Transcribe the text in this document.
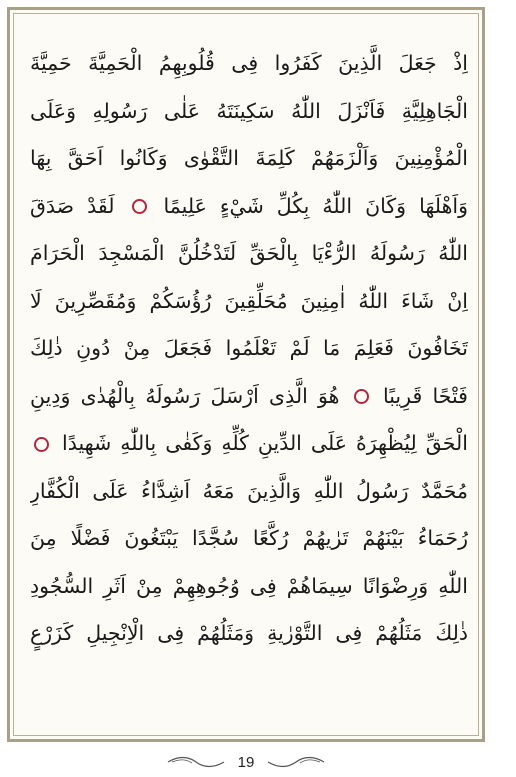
اِذْ جَعَلَ الَّذِينَ كَفَرُوا فِى قُلُوبِهِمُ الْحَمِيَّةَ حَمِيَّةَ
الْجَاهِلِيَّةِ فَاَنْزَلَ اللّٰهُ سَكِينَتَهُ عَلٰى رَسُولِهِ وَعَلَى
الْمُؤْمِنِينَ وَاَلْزَمَهُمْ كَلِمَةَ التَّقْوٰى وَكَانُوا اَحَقَّ بِهَا
وَاَهْلَهَا وَكَانَ اللّٰهُ بِكُلِّ شَيْءٍ عَلِيمًا  لَقَدْ صَدَقَ
اللّٰهُ رَسُولَهُ الرُّءْيَا بِالْحَقِّ لَتَدْخُلُنَّ الْمَسْجِدَ الْحَرَامَ
اِنْ شَاءَ اللّٰهُ اٰمِنِينَ مُحَلِّقِينَ رُؤُسَكُمْ وَمُقَصِّرِينَ لَا
تَخَافُونَ فَعَلِمَ مَا لَمْ تَعْلَمُوا فَجَعَلَ مِنْ دُونِ ذٰلِكَ
فَتْحًا قَرِيبًا  هُوَ الَّذِى اَرْسَلَ رَسُولَهُ بِالْهُدٰى وَدِينِ
الْحَقِّ لِيُظْهِرَهُ عَلَى الدِّينِ كُلِّهِ وَكَفٰى بِاللّٰهِ شَهِيدًا
مُحَمَّدٌ رَسُولُ اللّٰهِ وَالَّذِينَ مَعَهُ اَشِدَّاءُ عَلَى الْكُفَّارِ
رُحَمَاءُ بَيْنَهُمْ تَرٰيهُمْ رُكَّعًا سُجَّدًا يَبْتَغُونَ فَضْلًا مِنَ
اللّٰهِ وَرِضْوَانًا سِيمَاهُمْ فِى وُجُوهِهِمْ مِنْ اَثَرِ السُّجُودِ
ذٰلِكَ مَثَلُهُمْ فِى التَّوْرٰيةِ وَمَثَلُهُمْ فِى الْاِنْجِيلِ كَزَرْعٍ
19
